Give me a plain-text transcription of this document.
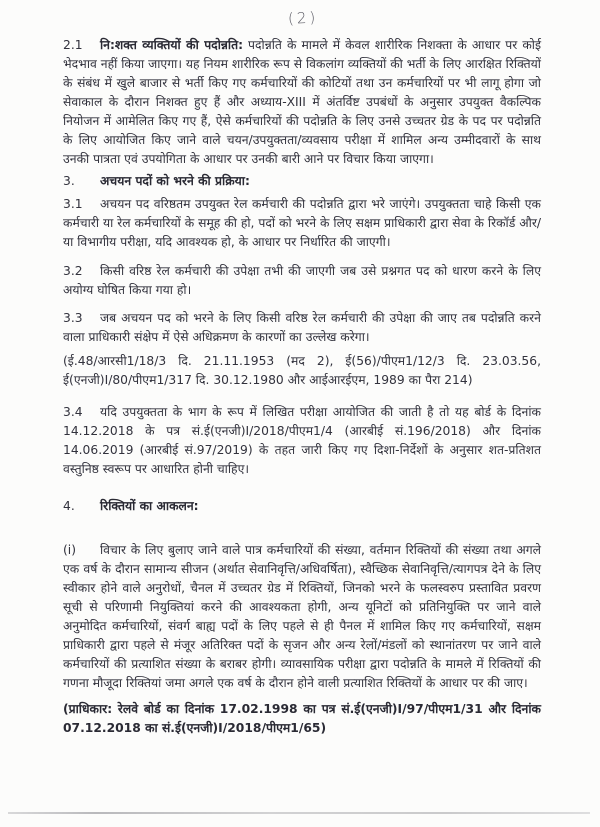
(2)

2.1 नि:शक्त व्यक्तियों की पदोन्नति: पदोन्नति के मामले में केवल शारीरिक निशक्ता के आधार पर कोई भेदभाव नहीं किया जाएगा। यह नियम शारीरिक रूप से विकलांग व्यक्तियों की भर्ती के लिए आरक्षित रिक्तियों के संबंध में खुले बाजार से भर्ती किए गए कर्मचारियों की कोटियों तथा उन कर्मचारियों पर भी लागू होगा जो सेवाकाल के दौरान निशक्त हुए हैं और अध्याय-XIII में अंतर्विष्ट उपबंधों के अनुसार उपयुक्त वैकल्पिक नियोजन में आमेलित किए गए हैं, ऐसे कर्मचारियों की पदोन्नति के लिए उनसे उच्चतर ग्रेड के पद पर पदोन्नति के लिए आयोजित किए जाने वाले चयन/उपयुक्तता/व्यवसाय परीक्षा में शामिल अन्य उम्मीदवारों के साथ उनकी पात्रता एवं उपयोगिता के आधार पर उनकी बारी आने पर विचार किया जाएगा।

3. अचयन पदों को भरने की प्रक्रिया:

3.1 अचयन पद वरिष्ठतम उपयुक्त रेल कर्मचारी की पदोन्नति द्वारा भरे जाएंगे। उपयुक्तता चाहे किसी एक कर्मचारी या रेल कर्मचारियों के समूह की हो, पदों को भरने के लिए सक्षम प्राधिकारी द्वारा सेवा के रिकॉर्ड और/या विभागीय परीक्षा, यदि आवश्यक हो, के आधार पर निर्धारित की जाएगी।

3.2 किसी वरिष्ठ रेल कर्मचारी की उपेक्षा तभी की जाएगी जब उसे प्रश्नगत पद को धारण करने के लिए अयोग्य घोषित किया गया हो।

3.3 जब अचयन पद को भरने के लिए किसी वरिष्ठ रेल कर्मचारी की उपेक्षा की जाए तब पदोन्नति करने वाला प्राधिकारी संक्षेप में ऐसे अधिक्रमण के कारणों का उल्लेख करेगा।

(ई.48/आरसी1/18/3 दि. 21.11.1953 (मद 2), ई(56)/पीएम1/12/3 दि. 23.03.56, ई(एनजी)I/80/पीएम1/317 दि. 30.12.1980 और आईआरईएम, 1989 का पैरा 214)

3.4 यदि उपयुक्तता के भाग के रूप में लिखित परीक्षा आयोजित की जाती है तो यह बोर्ड के दिनांक 14.12.2018 के पत्र सं.ई(एनजी)I/2018/पीएम1/4 (आरबीई सं.196/2018) और दिनांक 14.06.2019 (आरबीई सं.97/2019) के तहत जारी किए गए दिशा-निर्देशों के अनुसार शत-प्रतिशत वस्तुनिष्ठ स्वरूप पर आधारित होनी चाहिए।

4. रिक्तियों का आकलन:

(i) विचार के लिए बुलाए जाने वाले पात्र कर्मचारियों की संख्या, वर्तमान रिक्तियों की संख्या तथा अगले एक वर्ष के दौरान सामान्य सीजन (अर्थात सेवानिवृत्ति/अधिवर्षिता), स्वैच्छिक सेवानिवृत्ति/त्यागपत्र देने के लिए स्वीकार होने वाले अनुरोधों, चैनल में उच्चतर ग्रेड में रिक्तियों, जिनको भरने के फलस्वरुप प्रस्तावित प्रवरण सूची से परिणामी नियुक्तियां करने की आवश्यकता होगी, अन्य यूनिटों को प्रतिनियुक्ति पर जाने वाले अनुमोदित कर्मचारियों, संवर्ग बाह्य पदों के लिए पहले से ही पैनल में शामिल किए गए कर्मचारियों, सक्षम प्राधिकारी द्वारा पहले से मंजूर अतिरिक्त पदों के सृजन और अन्य रेलों/मंडलों को स्थानांतरण पर जाने वाले कर्मचारियों की प्रत्याशित संख्या के बराबर होगी। व्यावसायिक परीक्षा द्वारा पदोन्नति के मामले में रिक्तियों की गणना मौजूदा रिक्तियां जमा अगले एक वर्ष के दौरान होने वाली प्रत्याशित रिक्तियों के आधार पर की जाए।

(प्राधिकार: रेलवे बोर्ड का दिनांक 17.02.1998 का पत्र सं.ई(एनजी)I/97/पीएम1/31 और दिनांक 07.12.2018 का सं.ई(एनजी)I/2018/पीएम1/65)
